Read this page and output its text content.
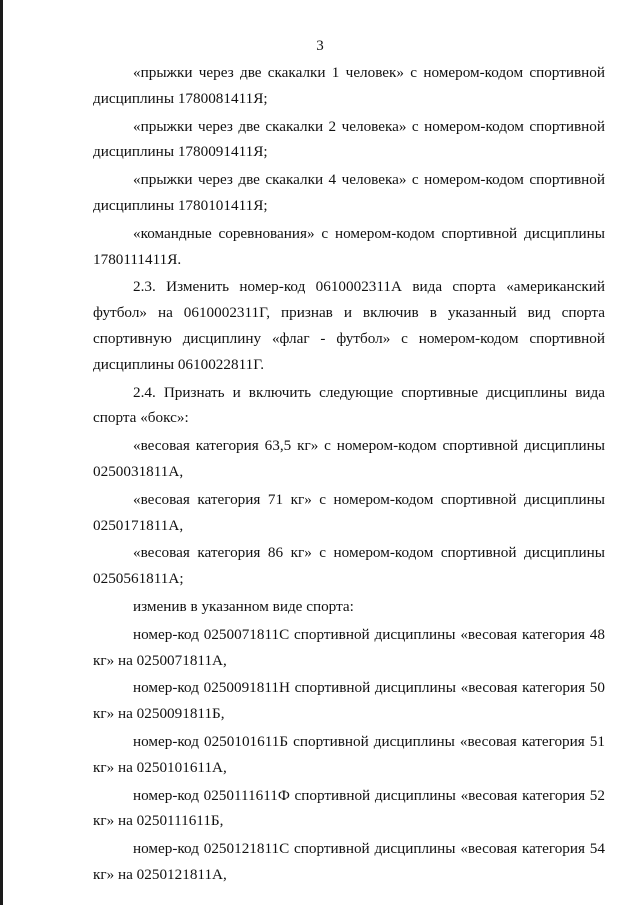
3

«прыжки через две скакалки 1 человек» с номером-кодом спортивной дисциплины 1780081411Я;

«прыжки через две скакалки 2 человека» с номером-кодом спортивной дисциплины 1780091411Я;

«прыжки через две скакалки 4 человека» с номером-кодом спортивной дисциплины 1780101411Я;

«командные соревнования» с номером-кодом спортивной дисциплины 1780111411Я.

2.3. Изменить номер-код 0610002311А вида спорта «американский футбол» на 0610002311Г, признав и включив в указанный вид спорта спортивную дисциплину «флаг - футбол» с номером-кодом спортивной дисциплины 0610022811Г.

2.4. Признать и включить следующие спортивные дисциплины вида спорта «бокс»:

«весовая категория 63,5 кг» с номером-кодом спортивной дисциплины 0250031811А,

«весовая категория 71 кг» с номером-кодом спортивной дисциплины 0250171811А,

«весовая категория 86 кг» с номером-кодом спортивной дисциплины 0250561811А;

изменив в указанном виде спорта:

номер-код 0250071811С спортивной дисциплины «весовая категория 48 кг» на 0250071811А,

номер-код 0250091811Н спортивной дисциплины «весовая категория 50 кг» на 0250091811Б,

номер-код 0250101611Б спортивной дисциплины «весовая категория 51 кг» на 0250101611А,

номер-код 0250111611Ф спортивной дисциплины «весовая категория 52 кг» на 0250111611Б,

номер-код 0250121811С спортивной дисциплины «весовая категория 54 кг» на 0250121811А,
